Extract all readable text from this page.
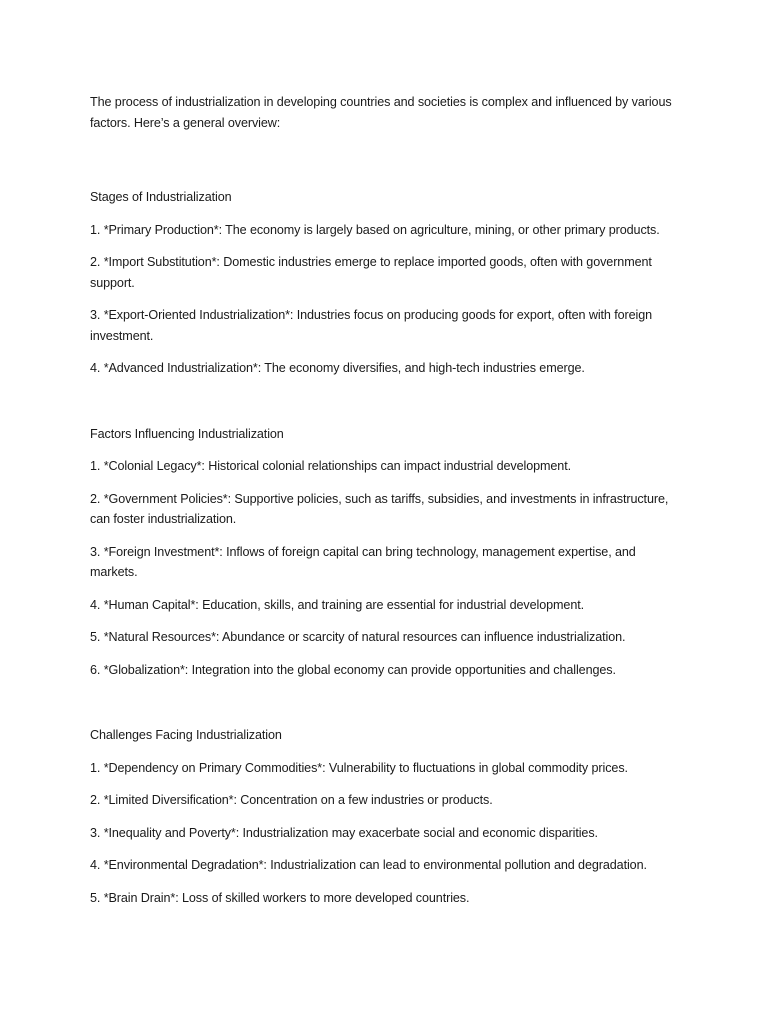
The process of industrialization in developing countries and societies is complex and influenced by various factors. Here’s a general overview:

Stages of Industrialization

1. *Primary Production*: The economy is largely based on agriculture, mining, or other primary products.

2. *Import Substitution*: Domestic industries emerge to replace imported goods, often with government support.

3. *Export-Oriented Industrialization*: Industries focus on producing goods for export, often with foreign investment.

4. *Advanced Industrialization*: The economy diversifies, and high-tech industries emerge.

Factors Influencing Industrialization

1. *Colonial Legacy*: Historical colonial relationships can impact industrial development.

2. *Government Policies*: Supportive policies, such as tariffs, subsidies, and investments in infrastructure, can foster industrialization.

3. *Foreign Investment*: Inflows of foreign capital can bring technology, management expertise, and markets.

4. *Human Capital*: Education, skills, and training are essential for industrial development.

5. *Natural Resources*: Abundance or scarcity of natural resources can influence industrialization.

6. *Globalization*: Integration into the global economy can provide opportunities and challenges.

Challenges Facing Industrialization

1. *Dependency on Primary Commodities*: Vulnerability to fluctuations in global commodity prices.

2. *Limited Diversification*: Concentration on a few industries or products.

3. *Inequality and Poverty*: Industrialization may exacerbate social and economic disparities.

4. *Environmental Degradation*: Industrialization can lead to environmental pollution and degradation.

5. *Brain Drain*: Loss of skilled workers to more developed countries.
